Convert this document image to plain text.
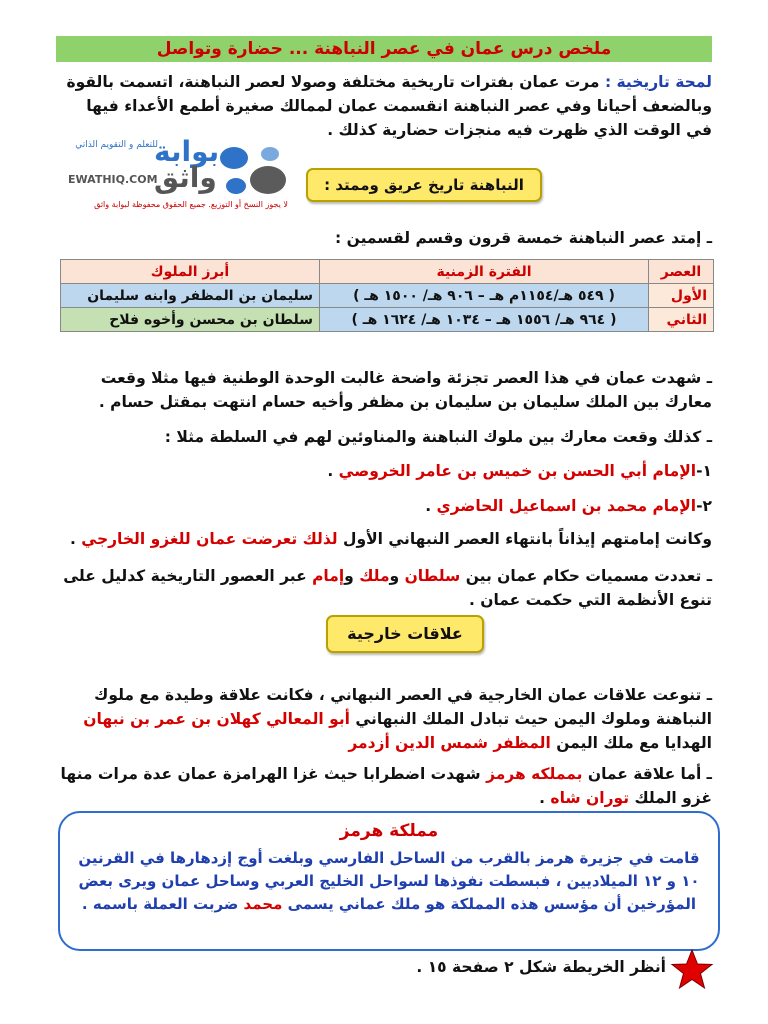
ملخص درس عمان في عصر النباهنة ... حضارة وتواصل
لمحة تاريخية : مرت عمان بفترات تاريخية مختلفة وصولا لعصر النباهنة، اتسمت بالقوة وبالضعف أحيانا وفي عصر النباهنة انقسمت عمان لممالك صغيرة أطمع الأعداء فيها في الوقت الذي ظهرت فيه منجزات حضارية كذلك .
بوابة
للتعلم و التقويم الذاتي
واثق
EWATHIQ.COM
لا يجوز النسخ أو التوزيع. جميع الحقوق محفوظة لبوابة واثق
النباهنة تاريخ عريق وممتد :
ـ إمتد عصر النباهنة خمسة قرون وقسم لقسمين :
العصر	الفترة الزمنية	أبرز الملوك
الأول	( ٥٤٩ هـ/١١٥٤م هـ – ٩٠٦ هـ/ ١٥٠٠ هـ )	سليمان بن المظفر وابنه سليمان
الثاني	( ٩٦٤ هـ/ ١٥٥٦ هـ – ١٠٣٤ هـ/ ١٦٢٤ هـ )	سلطان بن محسن وأخوه فلاح
ـ شهدت عمان في هذا العصر تجزئة واضحة غالبت الوحدة الوطنية فيها مثلا وقعت معارك بين الملك سليمان بن سليمان بن مظفر وأخيه حسام انتهت بمقتل حسام .
ـ كذلك وقعت معارك بين ملوك النباهنة والمناوئين لهم في السلطة مثلا :
١-الإمام أبي الحسن بن خميس بن عامر الخروصي .
٢-الإمام محمد بن اسماعيل الحاضري .
وكانت إمامتهم إيذاناً بانتهاء العصر النبهاني الأول لذلك تعرضت عمان للغزو الخارجي .
ـ تعددت مسميات حكام عمان بين سلطان وملك وإمام عبر العصور التاريخية كدليل على تنوع الأنظمة التي حكمت عمان .
علاقات خارجية
ـ تنوعت علاقات عمان الخارجية في العصر النبهاني ، فكانت علاقة وطيدة مع ملوك النباهنة وملوك اليمن حيث تبادل الملك النبهاني أبو المعالي كهلان بن عمر بن نبهان الهدايا مع ملك اليمن المظفر شمس الدين أزدمر
ـ أما علاقة عمان بمملكه هرمز شهدت اضطرابا حيث غزا الهرامزة عمان عدة مرات منها غزو الملك توران شاه .
مملكة هرمز
قامت في جزيرة هرمز بالقرب من الساحل الفارسي وبلغت أوج إزدهارها في القرنين ١٠ و ١٢ الميلاديين ، فبسطت نفوذها لسواحل الخليج العربي وساحل عمان ويرى بعض المؤرخين أن مؤسس هذه المملكة هو ملك عماني يسمى محمد ضربت العملة باسمه .
أنظر الخريطة شكل ٢ صفحة ١٥ .
